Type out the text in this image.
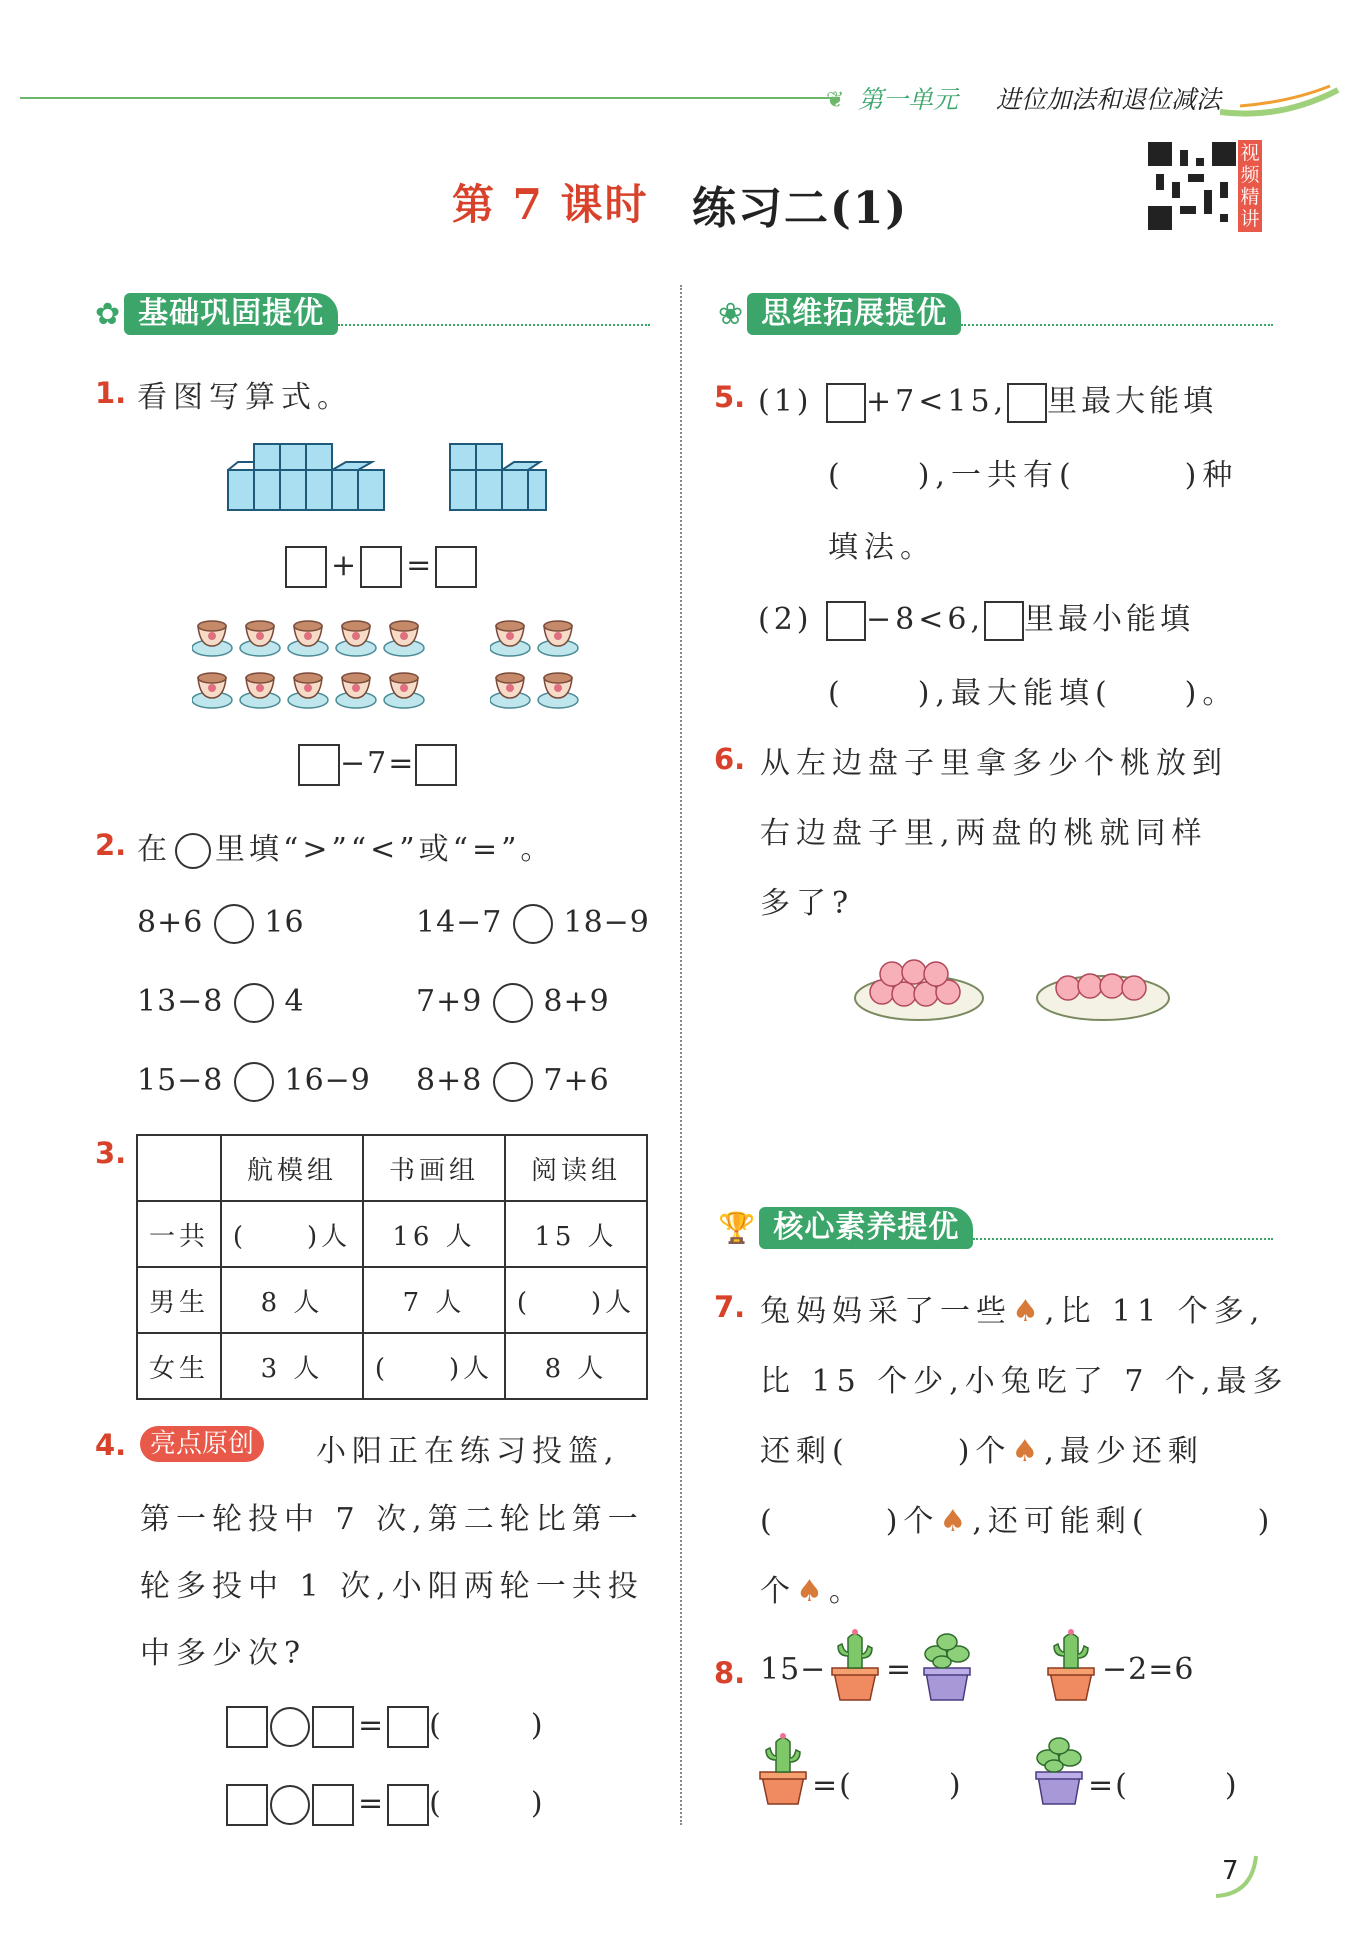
❦ 第一单元 进位加法和退位减法
第 7 课时 练习二(1)
视频精讲
✿ 基础巩固提优
1. 看图写算式。
+ =
−7=
2. 在 里填“>”“<”或“=”。
8+6 16	14−7 18−9
13−8 4	7+9 8+9
15−8 16−9 8+8 7+6
3.
	航模组	书画组	阅读组
一共	(　　)人	16 人	15 人
男生	8 人	7 人	(　　)人
女生	3 人	(　　)人	8 人
4. 亮点原创	小阳正在练习投篮,
第一轮投中 7 次,第二轮比第一
轮多投中 1 次,小阳两轮一共投
中多少次?
= (　　　)
= (　　　)
❀ 思维拓展提优
5. (1) +7<15, 里最大能填
(　　),一共有(　　　)种
填法。
(2) −8<6, 里最小能填
(　　),最大能填(　　)。
6. 从左边盘子里拿多少个桃放到
右边盘子里,两盘的桃就同样
多了?
🏆 核心素养提优
7. 兔妈妈采了一些♠,比 11 个多,
比 15 个少,小兔吃了 7 个,最多
还剩(　　　)个♠,最少还剩
(　　　)个♠,还可能剩(　　　)
个♠。
8. 15− =	−2=6
=(　　　)	=(　　　)
7
